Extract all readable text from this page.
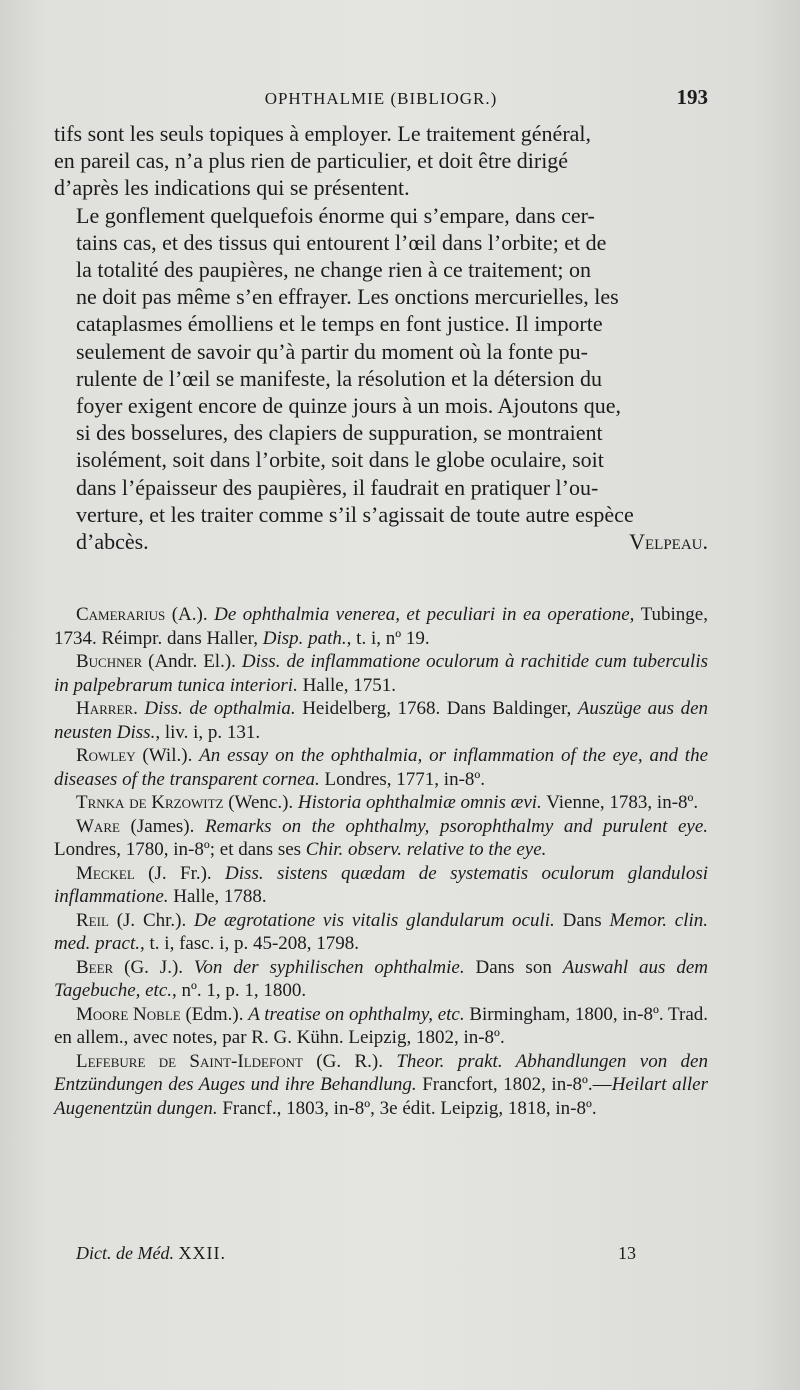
OPHTHALMIE (BIBLIOGR.)	193

tifs sont les seuls topiques à employer. Le traitement général,
en pareil cas, n’a plus rien de particulier, et doit être dirigé
d’après les indications qui se présentent.

Le gonflement quelquefois énorme qui s’empare, dans cer-
tains cas, et des tissus qui entourent l’œil dans l’orbite; et de
la totalité des paupières, ne change rien à ce traitement; on
ne doit pas même s’en effrayer. Les onctions mercurielles, les
cataplasmes émolliens et le temps en font justice. Il importe
seulement de savoir qu’à partir du moment où la fonte pu-
rulente de l’œil se manifeste, la résolution et la détersion du
foyer exigent encore de quinze jours à un mois. Ajoutons que,
si des bosselures, des clapiers de suppuration, se montraient
isolément, soit dans l’orbite, soit dans le globe oculaire, soit
dans l’épaisseur des paupières, il faudrait en pratiquer l’ou-
verture, et les traiter comme s’il s’agissait de toute autre espèce
d’abcès.	Velpeau.

Camerarius (A.). De ophthalmia venerea, et peculiari in ea operatione, Tubinge, 1734. Réimpr. dans Haller, Disp. path., t. i, nº 19.

Buchner (Andr. El.). Diss. de inflammatione oculorum à rachitide cum tuberculis in palpebrarum tunica interiori. Halle, 1751.

Harrer. Diss. de opthalmia. Heidelberg, 1768. Dans Baldinger, Auszüge aus den neusten Diss., liv. i, p. 131.

Rowley (Wil.). An essay on the ophthalmia, or inflammation of the eye, and the diseases of the transparent cornea. Londres, 1771, in-8º.

Trnka de Krzowitz (Wenc.). Historia ophthalmiæ omnis ævi. Vienne, 1783, in-8º.

Ware (James). Remarks on the ophthalmy, psorophthalmy and purulent eye. Londres, 1780, in-8º; et dans ses Chir. observ. relative to the eye.

Meckel (J. Fr.). Diss. sistens quædam de systematis oculorum glandulosi inflammatione. Halle, 1788.

Reil (J. Chr.). De ægrotatione vis vitalis glandularum oculi. Dans Memor. clin. med. pract., t. i, fasc. i, p. 45-208, 1798.

Beer (G. J.). Von der syphilischen ophthalmie. Dans son Auswahl aus dem Tagebuche, etc., nº. 1, p. 1, 1800.

Moore Noble (Edm.). A treatise on ophthalmy, etc. Birmingham, 1800, in-8º. Trad. en allem., avec notes, par R. G. Kühn. Leipzig, 1802, in-8º.

Lefebure de Saint-Ildefont (G. R.). Theor. prakt. Abhandlungen von den Entzündungen des Auges und ihre Behandlung. Francfort, 1802, in-8º.—Heilart aller Augenentzün dungen. Francf., 1803, in-8º, 3e édit. Leipzig, 1818, in-8º.

Dict. de Méd. XXII.	13
